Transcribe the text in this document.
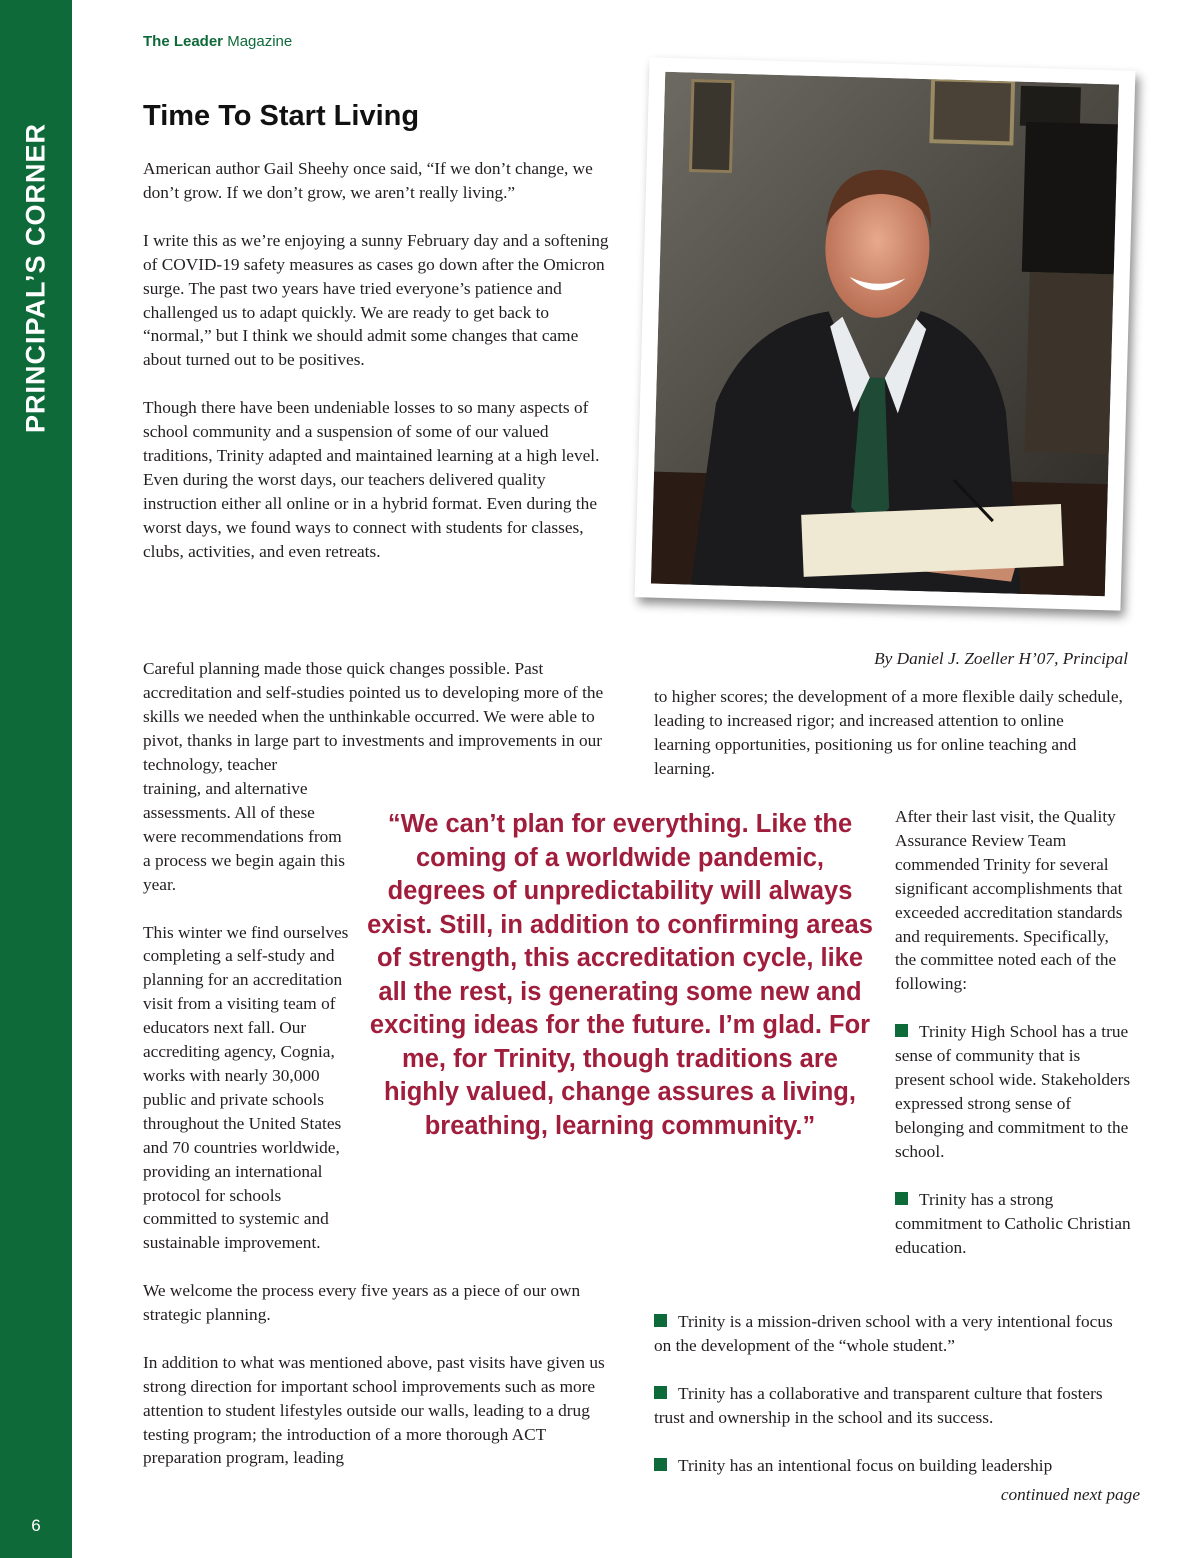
PRINCIPAL’S CORNER
6
The Leader Magazine
Time To Start Living

American author Gail Sheehy once said, “If we don’t change, we don’t grow. If we don’t grow, we aren’t really living.”

I write this as we’re enjoying a sunny February day and a softening of COVID-19 safety measures as cases go down after the Omicron surge. The past two years have tried everyone’s patience and challenged us to adapt quickly. We are ready to get back to “normal,” but I think we should admit some changes that came about turned out to be positives.

Though there have been undeniable losses to so many aspects of school community and a suspension of some of our valued traditions, Trinity adapted and maintained learning at a high level. Even during the worst days, our teachers delivered quality instruction either all online or in a hybrid format. Even during the worst days, we found ways to connect with students for classes, clubs, activities, and even retreats.

Careful planning made those quick changes possible. Past accreditation and self-studies pointed us to developing more of the skills we needed when the unthinkable occurred. We were able to pivot, thanks in large part to investments and improvements in our technology, teacher

training, and alternative assessments. All of these were recommendations from a process we begin again this year.

This winter we find ourselves completing a self-study and planning for an accreditation visit from a visiting team of educators next fall. Our accrediting agency, Cognia, works with nearly 30,000 public and private schools throughout the United States and 70 countries worldwide, providing an international protocol for schools committed to systemic and sustainable improvement.

We welcome the process every five years as a piece of our own strategic planning.

In addition to what was mentioned above, past visits have given us strong direction for important school improvements such as more attention to student lifestyles outside our walls, leading to a drug testing program; the introduction of a more thorough ACT preparation program, leading

By Daniel J. Zoeller H’07, Principal
to higher scores; the development of a more flexible daily schedule, leading to increased rigor; and increased attention to online learning opportunities, positioning us for online teaching and learning.
“We can’t plan for everything. Like the coming of a worldwide pandemic, degrees of unpredictability will always exist. Still, in addition to confirming areas of strength, this accreditation cycle, like all the rest, is generating some new and exciting ideas for the future. I’m glad. For me, for Trinity, though traditions are highly valued, change assures a living, breathing, learning community.”

After their last visit, the Quality Assurance Review Team commended Trinity for several significant accomplishments that exceeded accreditation standards and requirements. Specifically, the committee noted each of the following:

Trinity High School has a true sense of community that is present school wide. Stakeholders expressed strong sense of belonging and commitment to the school.

Trinity has a strong commitment to Catholic Christian education.

Trinity is a mission-driven school with a very intentional focus on the development of the “whole student.”

Trinity has a collaborative and transparent culture that fosters trust and ownership in the school and its success.

Trinity has an intentional focus on building leadership

continued next page
